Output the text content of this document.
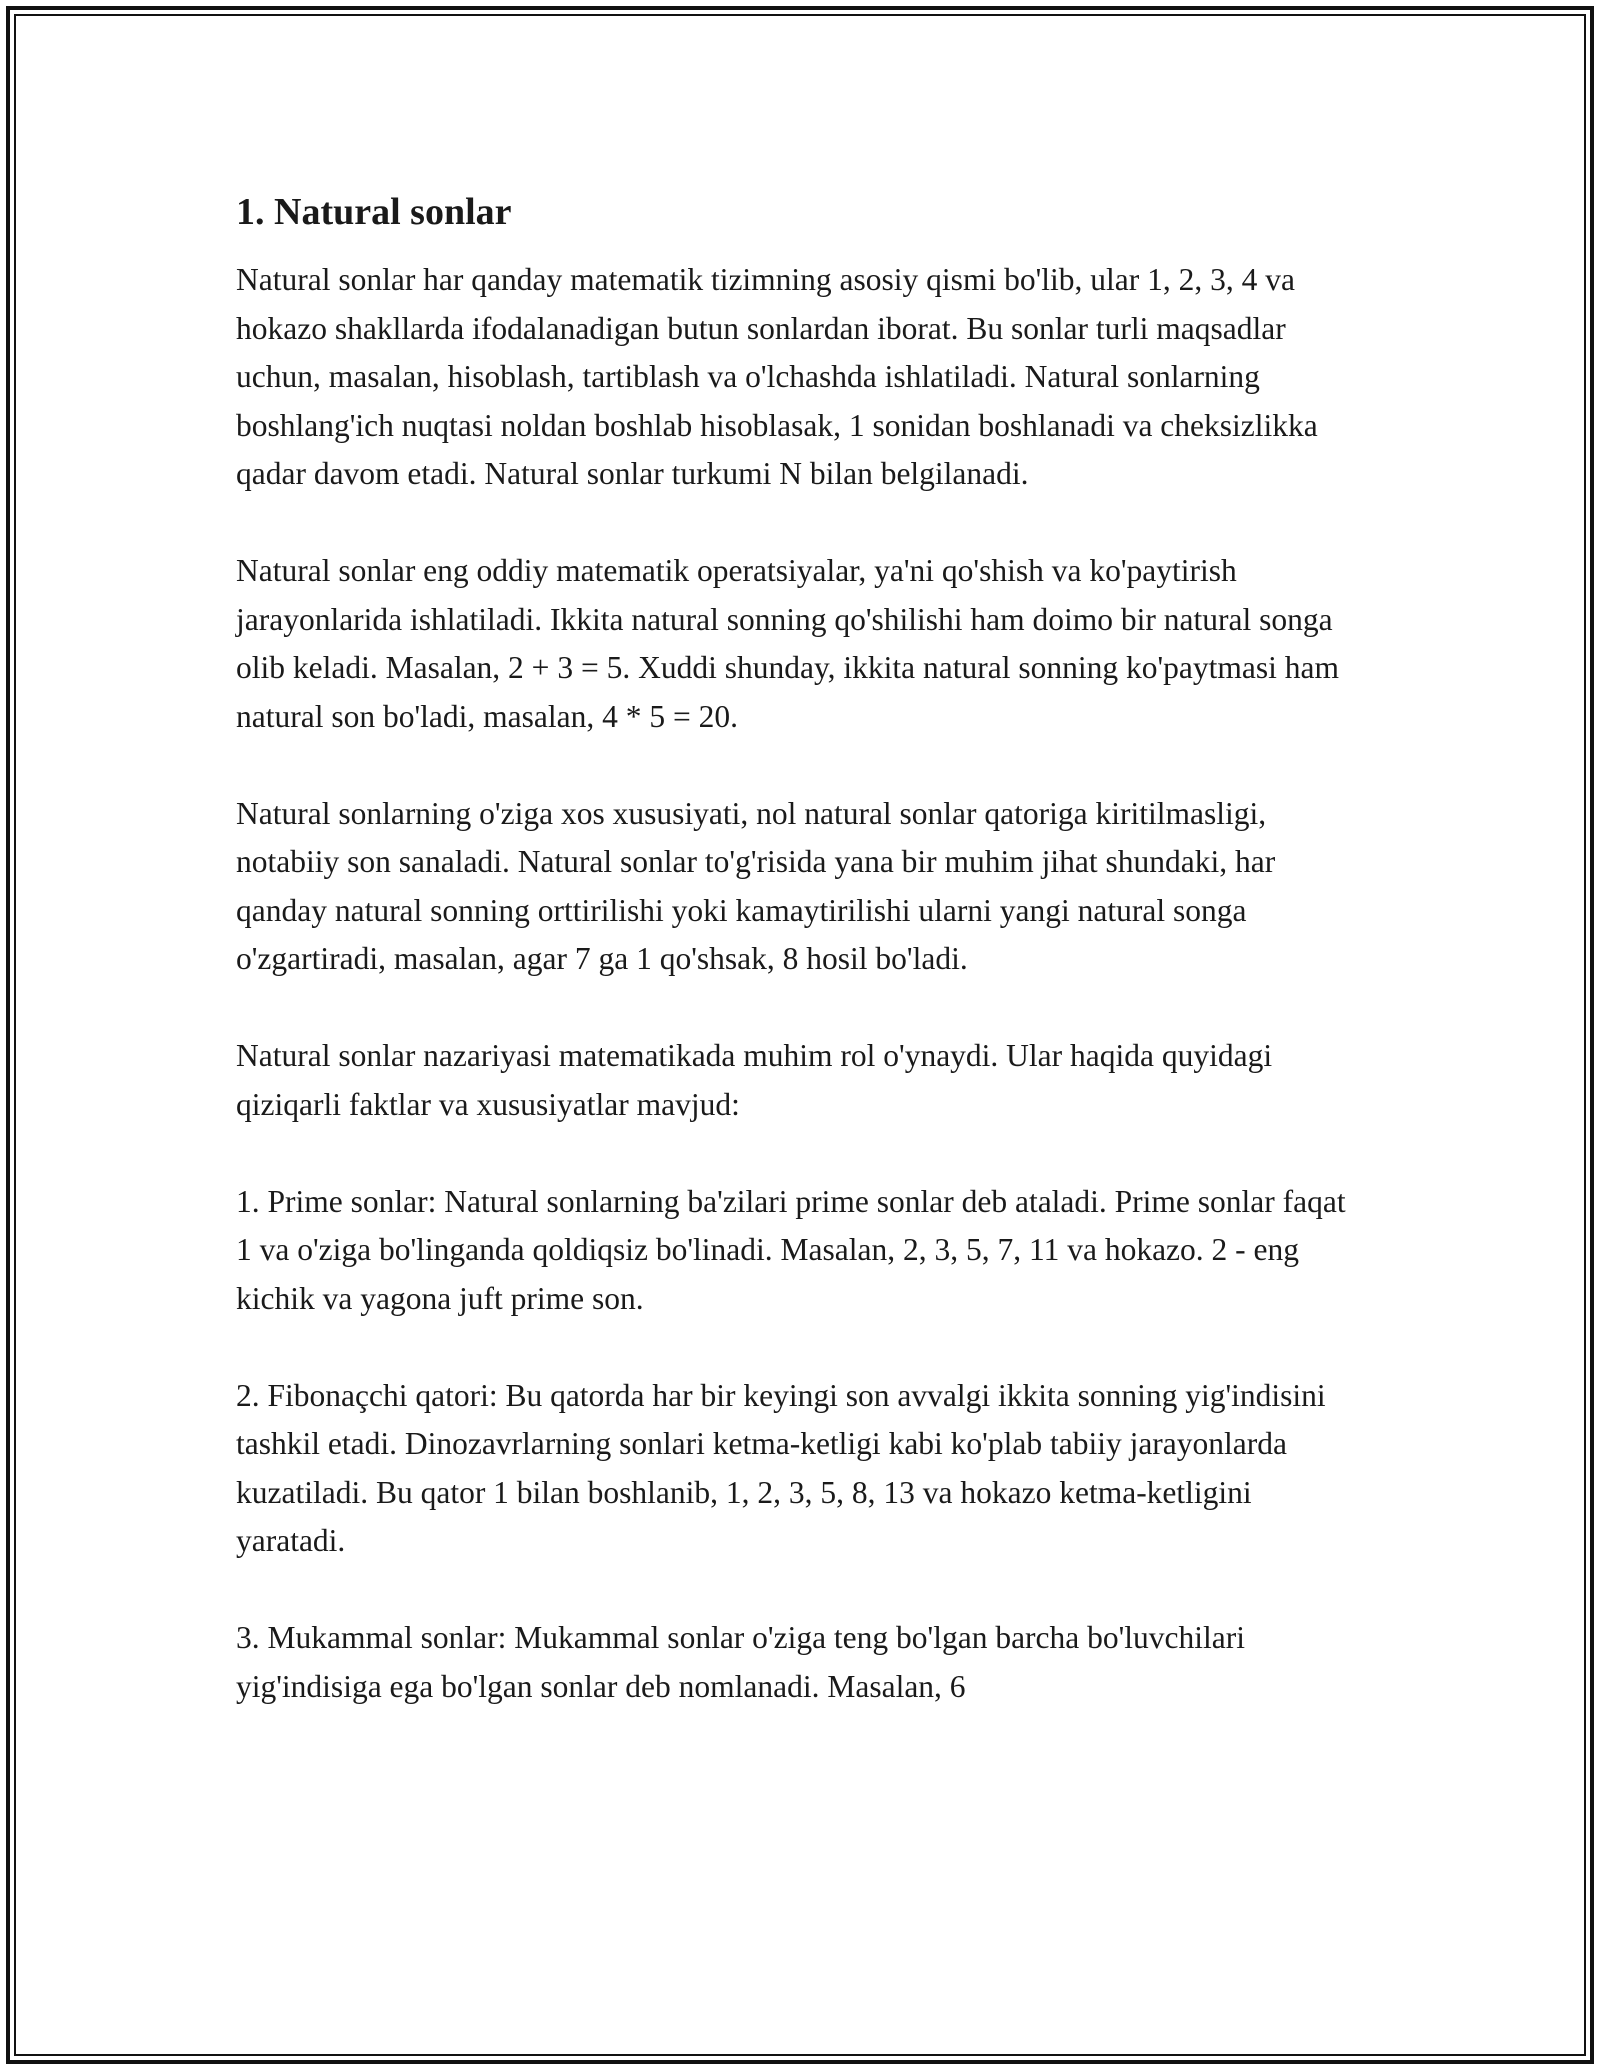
1. Natural sonlar

Natural sonlar har qanday matematik tizimning asosiy qismi bo'lib, ular 1, 2, 3, 4 va hokazo shakllarda ifodalanadigan butun sonlardan iborat. Bu sonlar turli maqsadlar uchun, masalan, hisoblash, tartiblash va o'lchashda ishlatiladi. Natural sonlarning boshlang'ich nuqtasi noldan boshlab hisoblasak, 1 sonidan boshlanadi va cheksizlikka qadar davom etadi. Natural sonlar turkumi N bilan belgilanadi.

Natural sonlar eng oddiy matematik operatsiyalar, ya'ni qo'shish va ko'paytirish jarayonlarida ishlatiladi. Ikkita natural sonning qo'shilishi ham doimo bir natural songa olib keladi. Masalan, 2 + 3 = 5. Xuddi shunday, ikkita natural sonning ko'paytmasi ham natural son bo'ladi, masalan, 4 * 5 = 20.

Natural sonlarning o'ziga xos xususiyati, nol natural sonlar qatoriga kiritilmasligi, notabiiy son sanaladi. Natural sonlar to'g'risida yana bir muhim jihat shundaki, har qanday natural sonning orttirilishi yoki kamaytirilishi ularni yangi natural songa o'zgartiradi, masalan, agar 7 ga 1 qo'shsak, 8 hosil bo'ladi.

Natural sonlar nazariyasi matematikada muhim rol o'ynaydi. Ular haqida quyidagi qiziqarli faktlar va xususiyatlar mavjud:

1. Prime sonlar: Natural sonlarning ba'zilari prime sonlar deb ataladi. Prime sonlar faqat 1 va o'ziga bo'linganda qoldiqsiz bo'linadi. Masalan, 2, 3, 5, 7, 11 va hokazo. 2 - eng kichik va yagona juft prime son.

2. Fibonaçchi qatori: Bu qatorda har bir keyingi son avvalgi ikkita sonning yig'indisini tashkil etadi. Dinozavrlarning sonlari ketma-ketligi kabi ko'plab tabiiy jarayonlarda kuzatiladi. Bu qator 1 bilan boshlanib, 1, 2, 3, 5, 8, 13 va hokazo ketma-ketligini yaratadi.

3. Mukammal sonlar: Mukammal sonlar o'ziga teng bo'lgan barcha bo'luvchilari yig'indisiga ega bo'lgan sonlar deb nomlanadi. Masalan, 6
